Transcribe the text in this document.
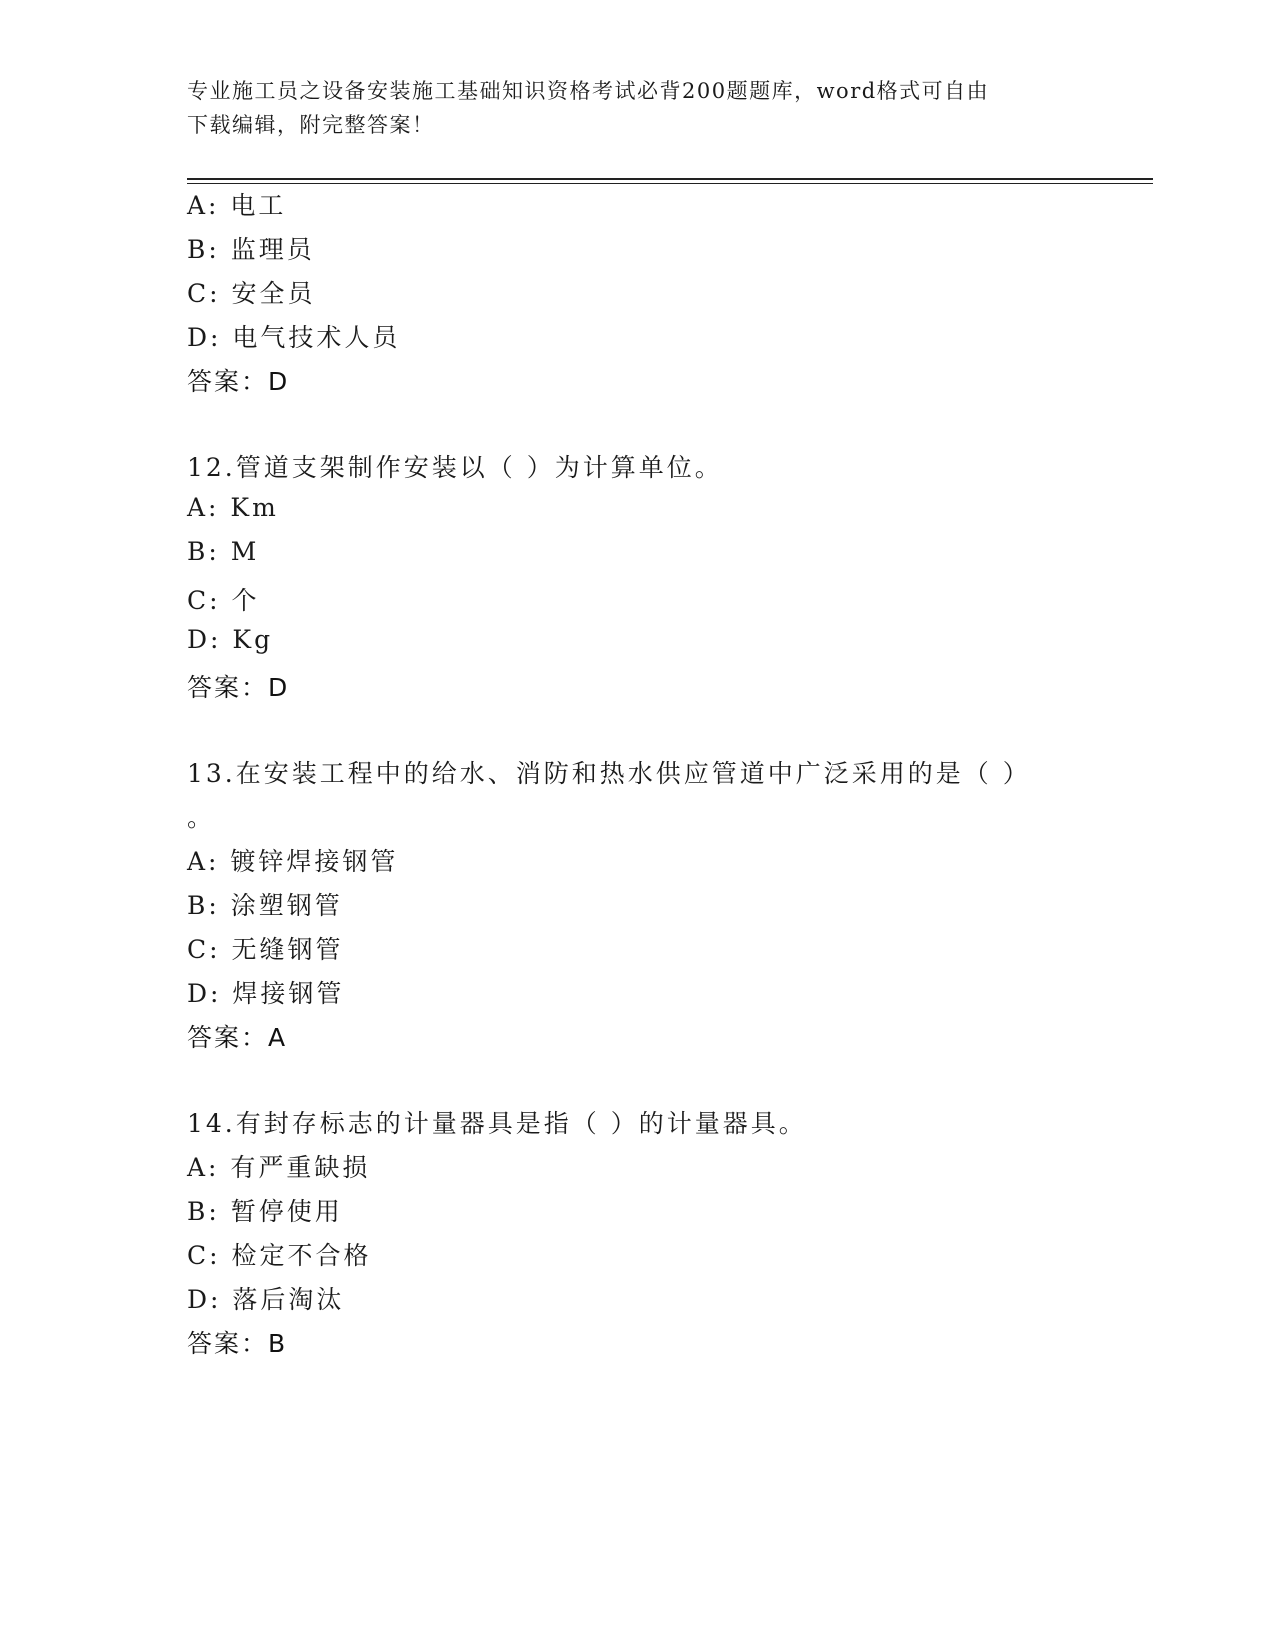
专业施工员之设备安装施工基础知识资格考试必背200题题库，word格式可自由
下载编辑，附完整答案！
A: 电工
B: 监理员
C: 安全员
D: 电气技术人员
答案：D
12.管道支架制作安装以（ ）为计算单位。
A: Km
B: M
C: 个
D: Kg
答案：D
13.在安装工程中的给水、消防和热水供应管道中广泛采用的是（ ）
。
A: 镀锌焊接钢管
B: 涂塑钢管
C: 无缝钢管
D: 焊接钢管
答案：A
14.有封存标志的计量器具是指（ ）的计量器具。
A: 有严重缺损
B: 暂停使用
C: 检定不合格
D: 落后淘汰
答案：B
